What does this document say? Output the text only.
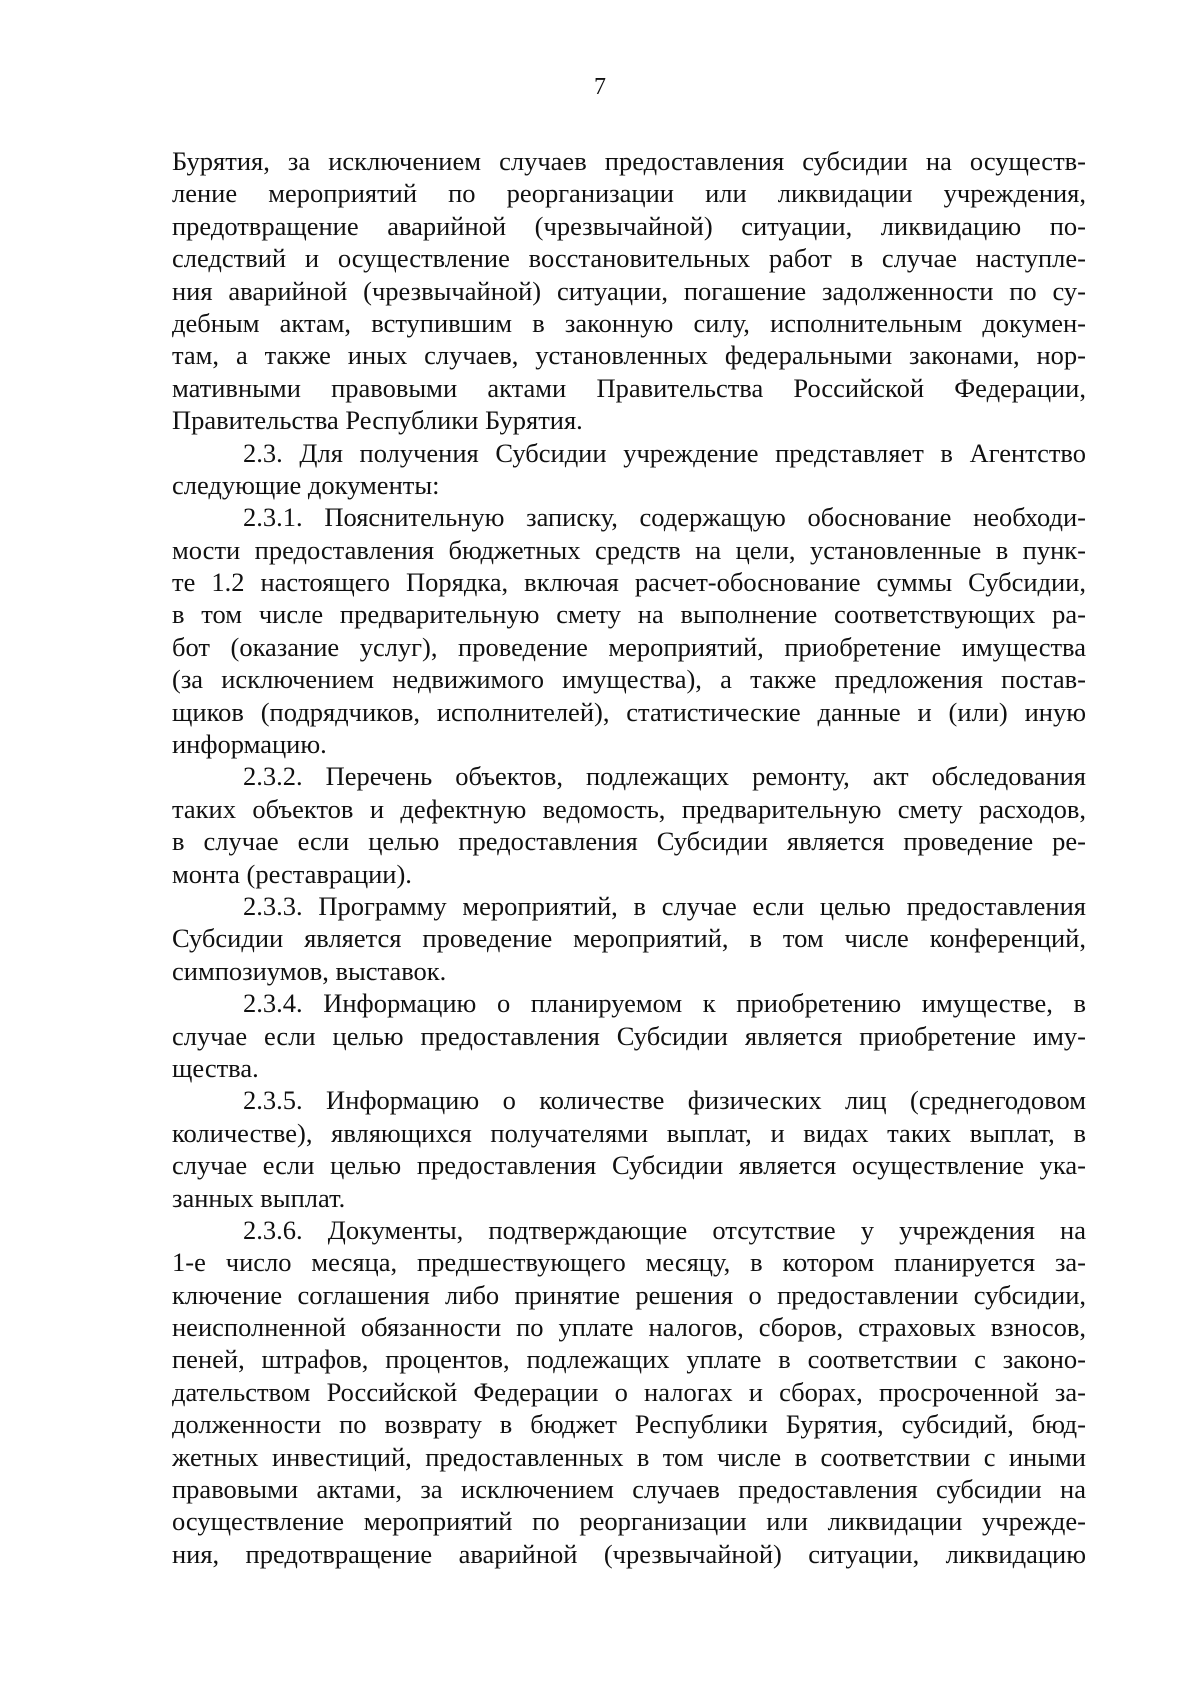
7
Бурятия, за исключением случаев предоставления субсидии на осуществ-
ление мероприятий по реорганизации или ликвидации учреждения,
предотвращение аварийной (чрезвычайной) ситуации, ликвидацию по-
следствий и осуществление восстановительных работ в случае наступле-
ния аварийной (чрезвычайной) ситуации, погашение задолженности по су-
дебным актам, вступившим в законную силу, исполнительным докумен-
там, а также иных случаев, установленных федеральными законами, нор-
мативными правовыми актами Правительства Российской Федерации,
Правительства Республики Бурятия.
2.3. Для получения Субсидии учреждение представляет в Агентство
следующие документы:
2.3.1. Пояснительную записку, содержащую обоснование необходи-
мости предоставления бюджетных средств на цели, установленные в пунк-
те 1.2 настоящего Порядка, включая расчет-обоснование суммы Субсидии,
в том числе предварительную смету на выполнение соответствующих ра-
бот (оказание услуг), проведение мероприятий, приобретение имущества
(за исключением недвижимого имущества), а также предложения постав-
щиков (подрядчиков, исполнителей), статистические данные и (или) иную
информацию.
2.3.2. Перечень объектов, подлежащих ремонту, акт обследования
таких объектов и дефектную ведомость, предварительную смету расходов,
в случае если целью предоставления Субсидии является проведение ре-
монта (реставрации).
2.3.3. Программу мероприятий, в случае если целью предоставления
Субсидии является проведение мероприятий, в том числе конференций,
симпозиумов, выставок.
2.3.4. Информацию о планируемом к приобретению имуществе, в
случае если целью предоставления Субсидии является приобретение иму-
щества.
2.3.5. Информацию о количестве физических лиц (среднегодовом
количестве), являющихся получателями выплат, и видах таких выплат, в
случае если целью предоставления Субсидии является осуществление ука-
занных выплат.
2.3.6. Документы, подтверждающие отсутствие у учреждения на
1-е число месяца, предшествующего месяцу, в котором планируется за-
ключение соглашения либо принятие решения о предоставлении субсидии,
неисполненной обязанности по уплате налогов, сборов, страховых взносов,
пеней, штрафов, процентов, подлежащих уплате в соответствии с законо-
дательством Российской Федерации о налогах и сборах, просроченной за-
долженности по возврату в бюджет Республики Бурятия, субсидий, бюд-
жетных инвестиций, предоставленных в том числе в соответствии с иными
правовыми актами, за исключением случаев предоставления субсидии на
осуществление мероприятий по реорганизации или ликвидации учрежде-
ния, предотвращение аварийной (чрезвычайной) ситуации, ликвидацию
